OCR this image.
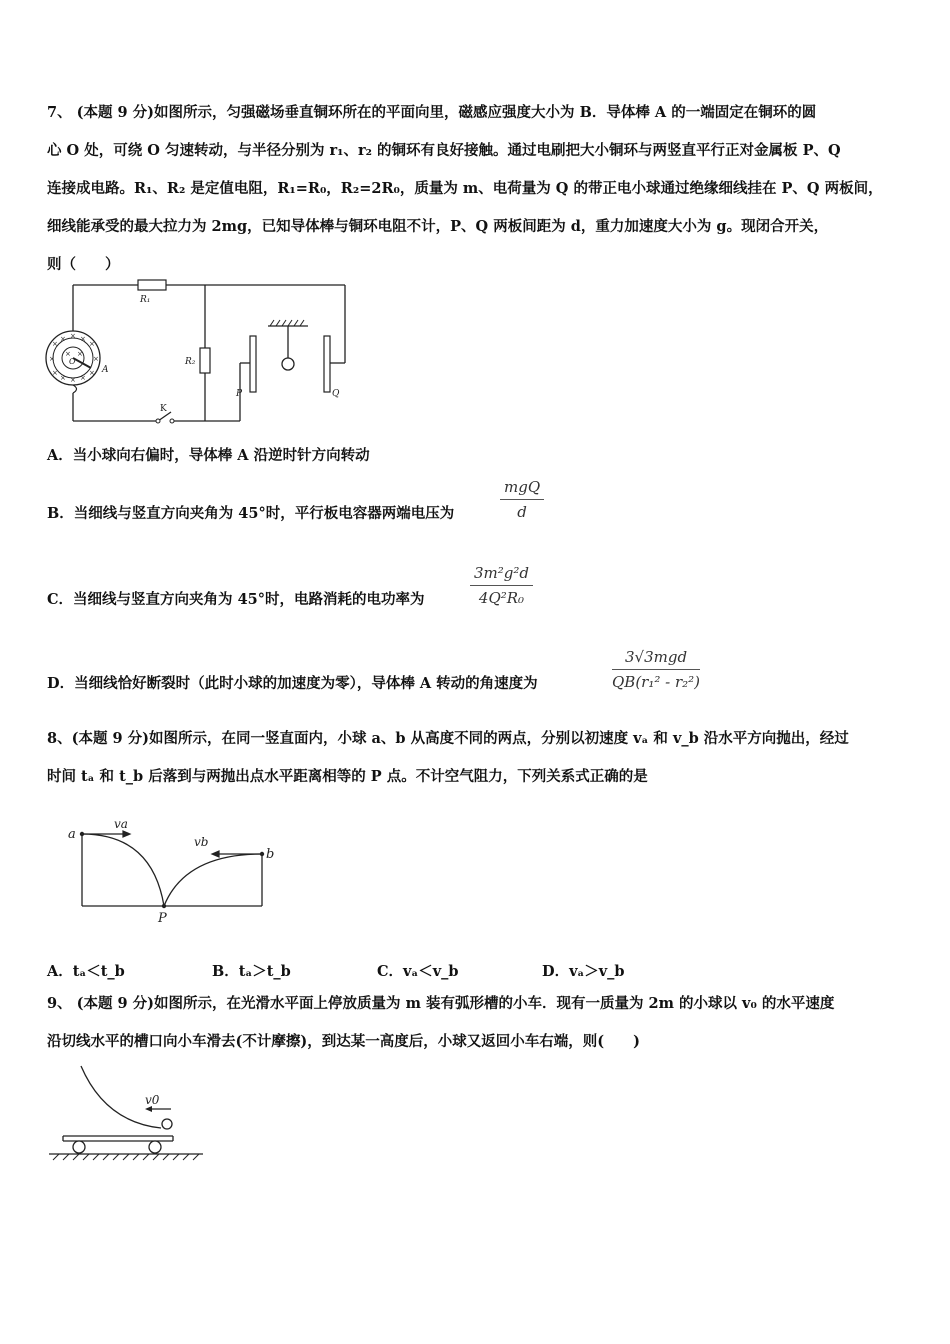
7、 (本题 9 分)如图所示，匀强磁场垂直铜环所在的平面向里，磁感应强度大小为 B．导体棒 A 的一端固定在铜环的圆
心 O 处，可绕 O 匀速转动，与半径分别为 r₁、r₂ 的铜环有良好接触。通过电刷把大小铜环与两竖直平行正对金属板 P、Q
连接成电路。R₁、R₂ 是定值电阻，R₁=R₀，R₂=2R₀，质量为 m、电荷量为 Q 的带正电小球通过绝缘细线挂在 P、Q 两板间，
细线能承受的最大拉力为 2mg，已知导体棒与铜环电阻不计，P、Q 两板间距为 d，重力加速度大小为 g。现闭合开关，
则（　　）
×
× × ×
×
×	×
×
× × ×
×
× ×
R₁
R₂
K
P	Q
A
O
A．当小球向右偏时，导体棒 A 沿逆时针方向转动
B．当细线与竖直方向夹角为 45°时，平行板电容器两端电压为
mgQ
d
C．当细线与竖直方向夹角为 45°时，电路消耗的电功率为
3m²g²d
4Q²R₀
D．当细线恰好断裂时（此时小球的加速度为零），导体棒 A 转动的角速度为
3√3mgd
QB(r₁² - r₂²)
8、(本题 9 分)如图所示，在同一竖直面内，小球 a、b 从高度不同的两点，分别以初速度 vₐ 和 v_b 沿水平方向抛出，经过
时间 tₐ 和 t_b 后落到与两抛出点水平距离相等的 P 点。不计空气阻力，下列关系式正确的是
a
b
va
vb
P
A．tₐ＜t_b	B．tₐ＞t_b	C．vₐ＜v_b	D．vₐ＞v_b
9、 (本题 9 分)如图所示，在光滑水平面上停放质量为 m 装有弧形槽的小车．现有一质量为 2m 的小球以 v₀ 的水平速度
沿切线水平的槽口向小车滑去(不计摩擦)，到达某一高度后，小球又返回小车右端，则(　　)
v0
